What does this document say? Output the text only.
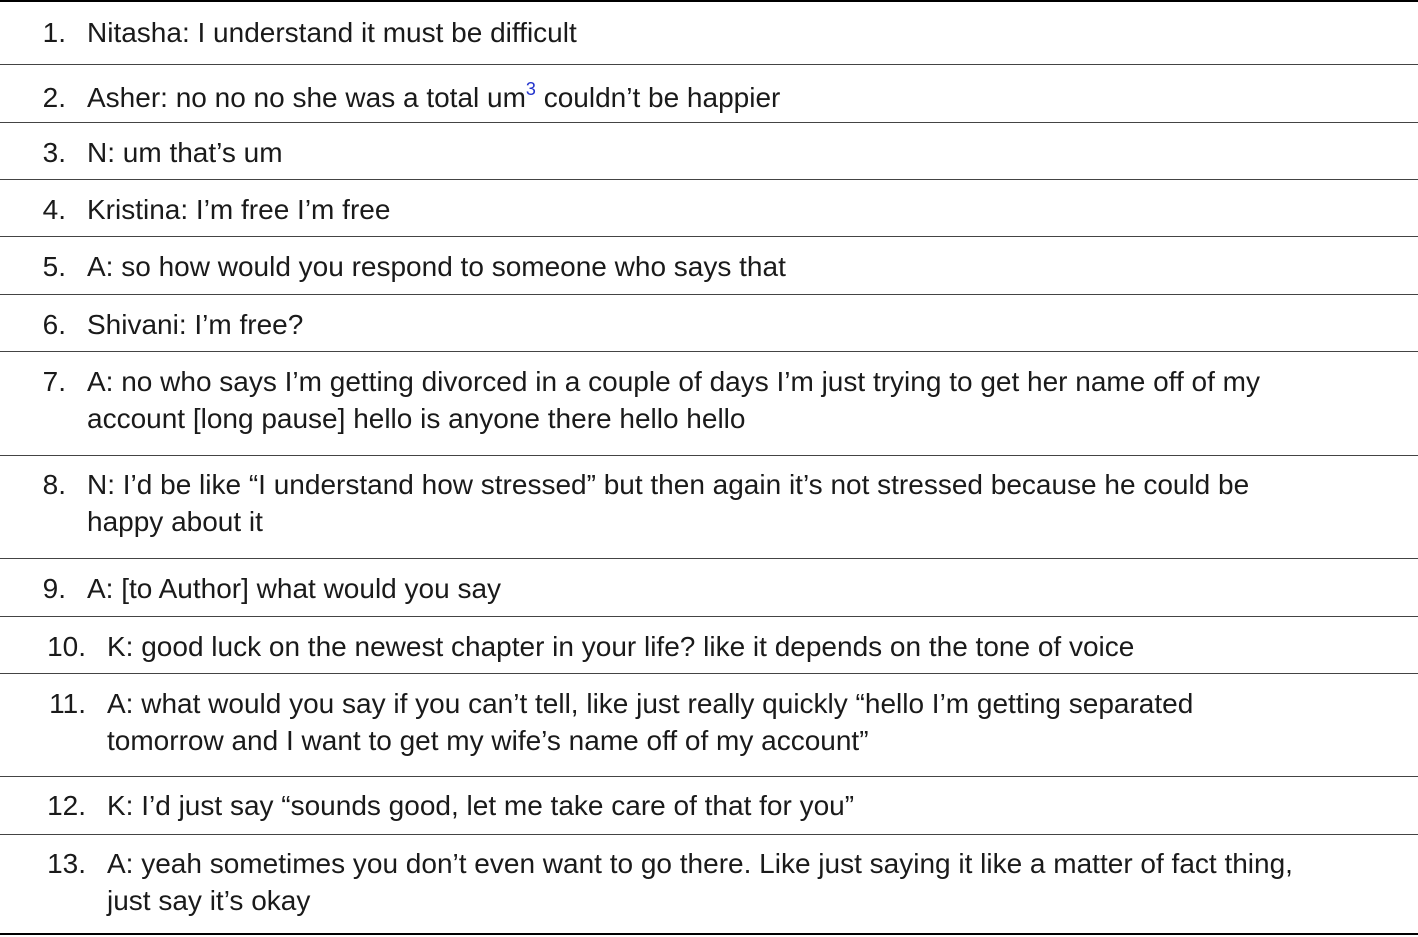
1. Nitasha: I understand it must be difficult
2. Asher: no no no she was a total um$^3$ couldn’t be happier
3. N: um that’s um
4. Kristina: I’m free I’m free
5. A: so how would you respond to someone who says that
6. Shivani: I’m free?
7. A: no who says I’m getting divorced in a couple of days I’m just trying to get her name off of my
account [long pause] hello is anyone there hello hello
8. N: I’d be like “I understand how stressed” but then again it’s not stressed because he could be
happy about it
9. A: [to Author] what would you say
10. K: good luck on the newest chapter in your life? like it depends on the tone of voice
11. A: what would you say if you can’t tell, like just really quickly “hello I’m getting separated
tomorrow and I want to get my wife’s name off of my account”
12. K: I’d just say “sounds good, let me take care of that for you”
13. A: yeah sometimes you don’t even want to go there. Like just saying it like a matter of fact thing,
just say it’s okay
